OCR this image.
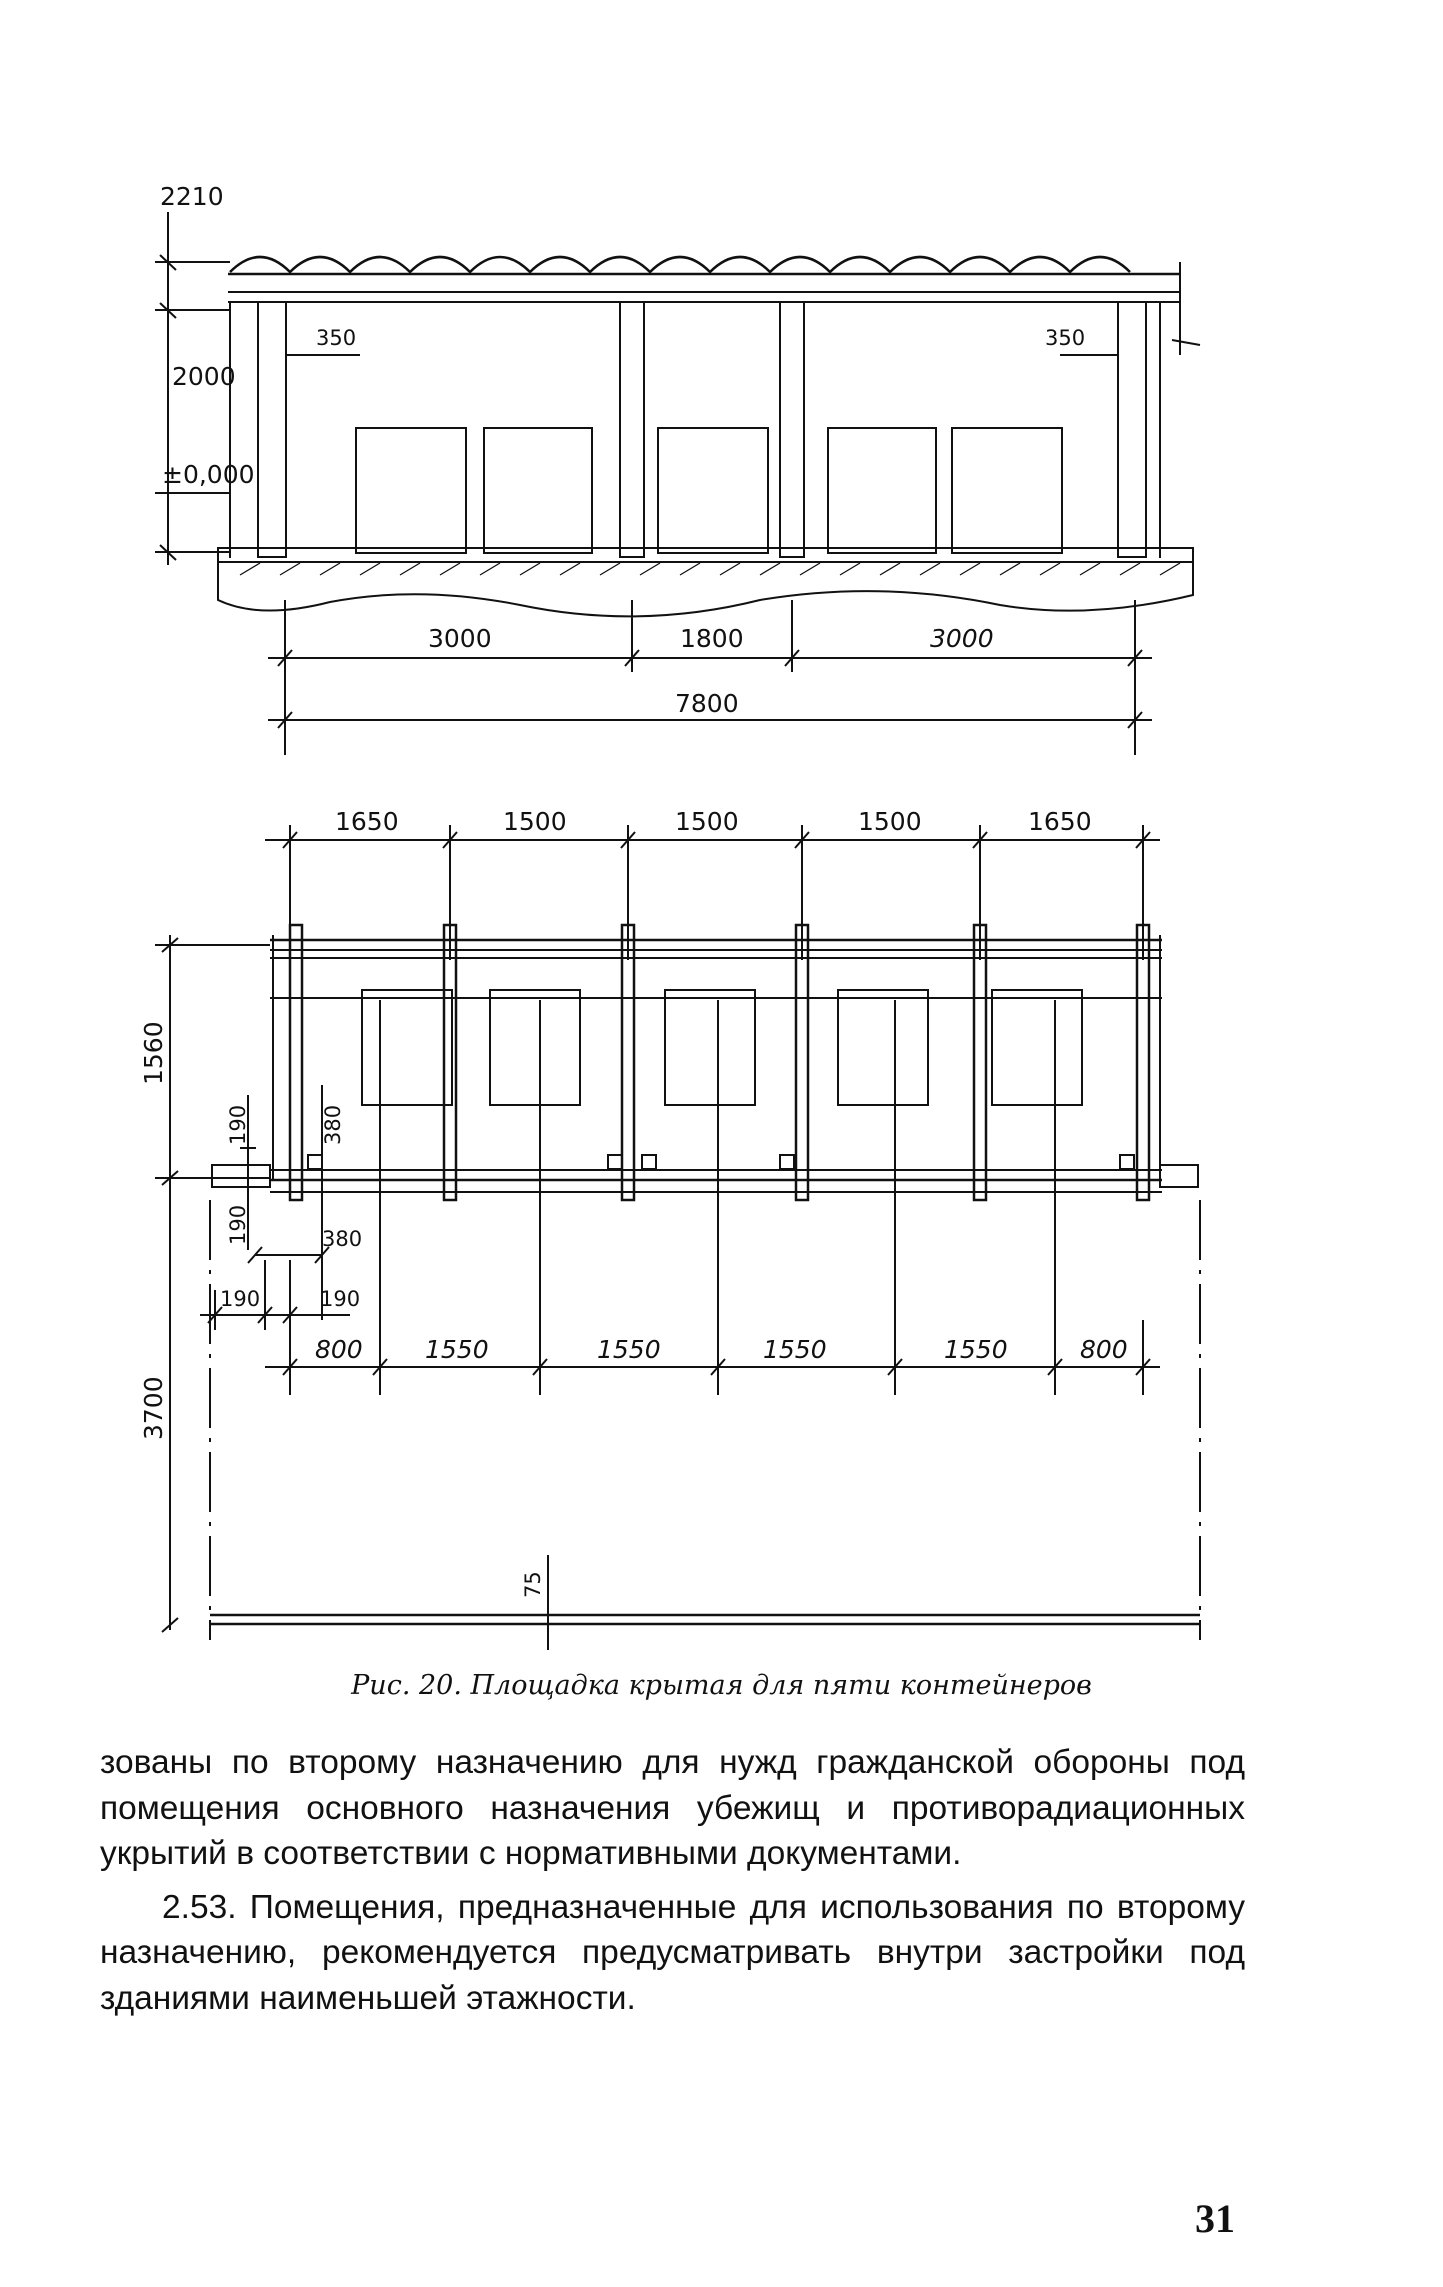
2210
2000
±0,000
350	350
3000	1800	3000
7800
1650	1500	1500	1500	1650
1560
3700
190	380
190	380
190	190
800 1550	1550	1550	1550	800
75
Рис. 20. Площадка крытая для пяти контейнеров

зованы по второму назначению для нужд гражданской обороны под помещения основного назначения убежищ и противорадиационных укрытий в соответствии с нормативными документами.

2.53. Помещения, предназначенные для использования по второму назначению, рекомендуется предусматривать внутри застройки под зданиями наименьшей этажности.

31
